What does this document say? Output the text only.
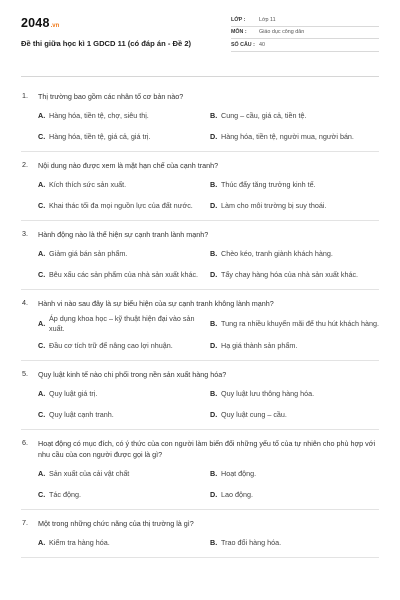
2048 .vn
Đề thi giữa học kì 1 GDCD 11 (có đáp án - Đề 2)
LỚP :	Lớp 11
MÔN :	Giáo dục công dân
SỐ CÂU : 40
1.	Thị trường bao gồm các nhân tố cơ bản nào?
A. Hàng hóa, tiền tệ, chợ, siêu thị.	B. Cung – cầu, giá cả, tiền tệ.
C. Hàng hóa, tiền tệ, giá cả, giá trị.	D. Hàng hóa, tiền tệ, người mua, người bán.
2.	Nội dung nào được xem là mặt hạn chế của cạnh tranh?
A. Kích thích sức sản xuất.	B. Thúc đẩy tăng trưởng kinh tế.
C. Khai thác tối đa mọi nguồn lực của đất nước. D. Làm cho môi trường bị suy thoái.
3.	Hành động nào là thể hiện sự cạnh tranh lành mạnh?
A. Giảm giá bán sản phẩm.	B. Chèo kéo, tranh giành khách hàng.
C. Bêu xấu các sản phẩm của nhà sản xuất khác. D. Tẩy chay hàng hóa của nhà sản xuất khác.
4.	Hành vi nào sau đây là sự biểu hiện của sự cạnh tranh không lành mạnh?
A.
Áp dụng khoa học – kỹ thuật hiện đại vào sản xuất.	B. Tung ra nhiều khuyến mãi để thu hút khách hàng.
C. Đầu cơ tích trữ để nâng cao lợi nhuận.	D. Hạ giá thành sản phẩm.
5.	Quy luật kinh tế nào chi phối trong nền sản xuất hàng hóa?
A. Quy luật giá trị.	B. Quy luật lưu thông hàng hóa.
C. Quy luật cạnh tranh.	D. Quy luật cung – cầu.
6.	Hoạt động có mục đích, có ý thức của con người làm biến đổi những yếu tố của tự nhiên cho phù hợp với nhu cầu của con người được gọi là gì?
A. Sản xuất của cải vật chất	B. Hoạt động.
C. Tác động.	D. Lao động.
7.	Một trong những chức năng của thị trường là gì?
A. Kiểm tra hàng hóa.	B. Trao đổi hàng hóa.
